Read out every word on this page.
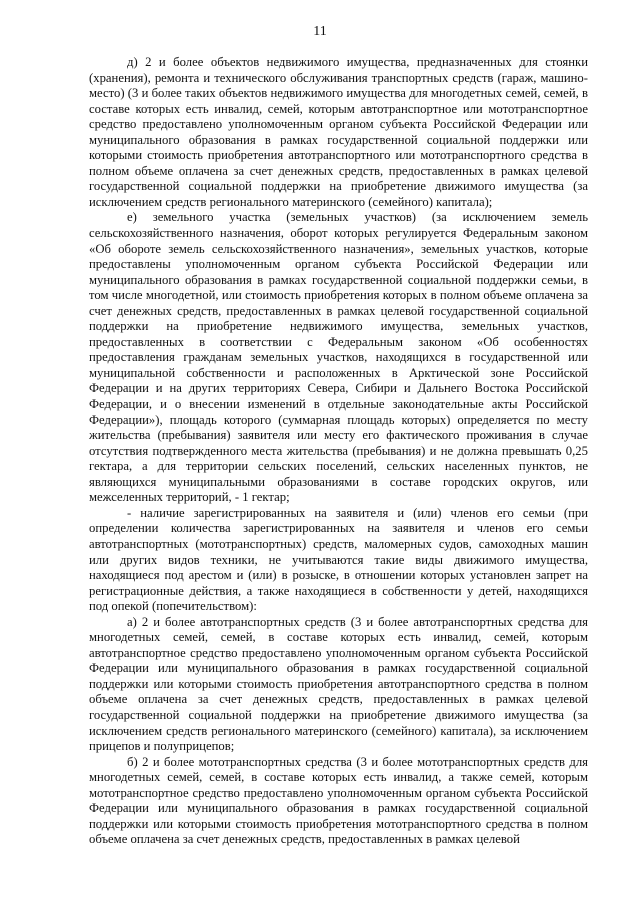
11

д) 2 и более объектов недвижимого имущества, предназначенных для стоянки (хранения), ремонта и технического обслуживания транспортных средств (гараж, машино-место) (3 и более таких объектов недвижимого имущества для многодетных семей, семей, в составе которых есть инвалид, семей, которым автотранспортное или мототранспортное средство предоставлено уполномоченным органом субъекта Российской Федерации или муниципального образования в рамках государственной социальной поддержки или которыми стоимость приобретения автотранспортного или мототранспортного средства в полном объеме оплачена за счет денежных средств, предоставленных в рамках целевой государственной социальной поддержки на приобретение движимого имущества (за исключением средств регионального материнского (семейного) капитала);

е) земельного участка (земельных участков) (за исключением земель сельскохозяйственного назначения, оборот которых регулируется Федеральным законом «Об обороте земель сельскохозяйственного назначения», земельных участков, которые предоставлены уполномоченным органом субъекта Российской Федерации или муниципального образования в рамках государственной социальной поддержки семьи, в том числе многодетной, или стоимость приобретения которых в полном объеме оплачена за счет денежных средств, предоставленных в рамках целевой государственной социальной поддержки на приобретение недвижимого имущества, земельных участков, предоставленных в соответствии с Федеральным законом «Об особенностях предоставления гражданам земельных участков, находящихся в государственной или муниципальной собственности и расположенных в Арктической зоне Российской Федерации и на других территориях Севера, Сибири и Дальнего Востока Российской Федерации, и о внесении изменений в отдельные законодательные акты Российской Федерации»), площадь которого (суммарная площадь которых) определяется по месту жительства (пребывания) заявителя или месту его фактического проживания в случае отсутствия подтвержденного места жительства (пребывания) и не должна превышать 0,25 гектара, а для территории сельских поселений, сельских населенных пунктов, не являющихся муниципальными образованиями в составе городских округов, или межселенных территорий, - 1 гектар;

- наличие зарегистрированных на заявителя и (или) членов его семьи (при определении количества зарегистрированных на заявителя и членов его семьи автотранспортных (мототранспортных) средств, маломерных судов, самоходных машин или других видов техники, не учитываются такие виды движимого имущества, находящиеся под арестом и (или) в розыске, в отношении которых установлен запрет на регистрационные действия, а также находящиеся в собственности у детей, находящихся под опекой (попечительством):

а) 2 и более автотранспортных средств (3 и более автотранспортных средства для многодетных семей, семей, в составе которых есть инвалид, семей, которым автотранспортное средство предоставлено уполномоченным органом субъекта Российской Федерации или муниципального образования в рамках государственной социальной поддержки или которыми стоимость приобретения автотранспортного средства в полном объеме оплачена за счет денежных средств, предоставленных в рамках целевой государственной социальной поддержки на приобретение движимого имущества (за исключением средств регионального материнского (семейного) капитала), за исключением прицепов и полуприцепов;

б) 2 и более мототранспортных средства (3 и более мототранспортных средств для многодетных семей, семей, в составе которых есть инвалид, а также семей, которым мототранспортное средство предоставлено уполномоченным органом субъекта Российской Федерации или муниципального образования в рамках государственной социальной поддержки или которыми стоимость приобретения мототранспортного средства в полном объеме оплачена за счет денежных средств, предоставленных в рамках целевой
